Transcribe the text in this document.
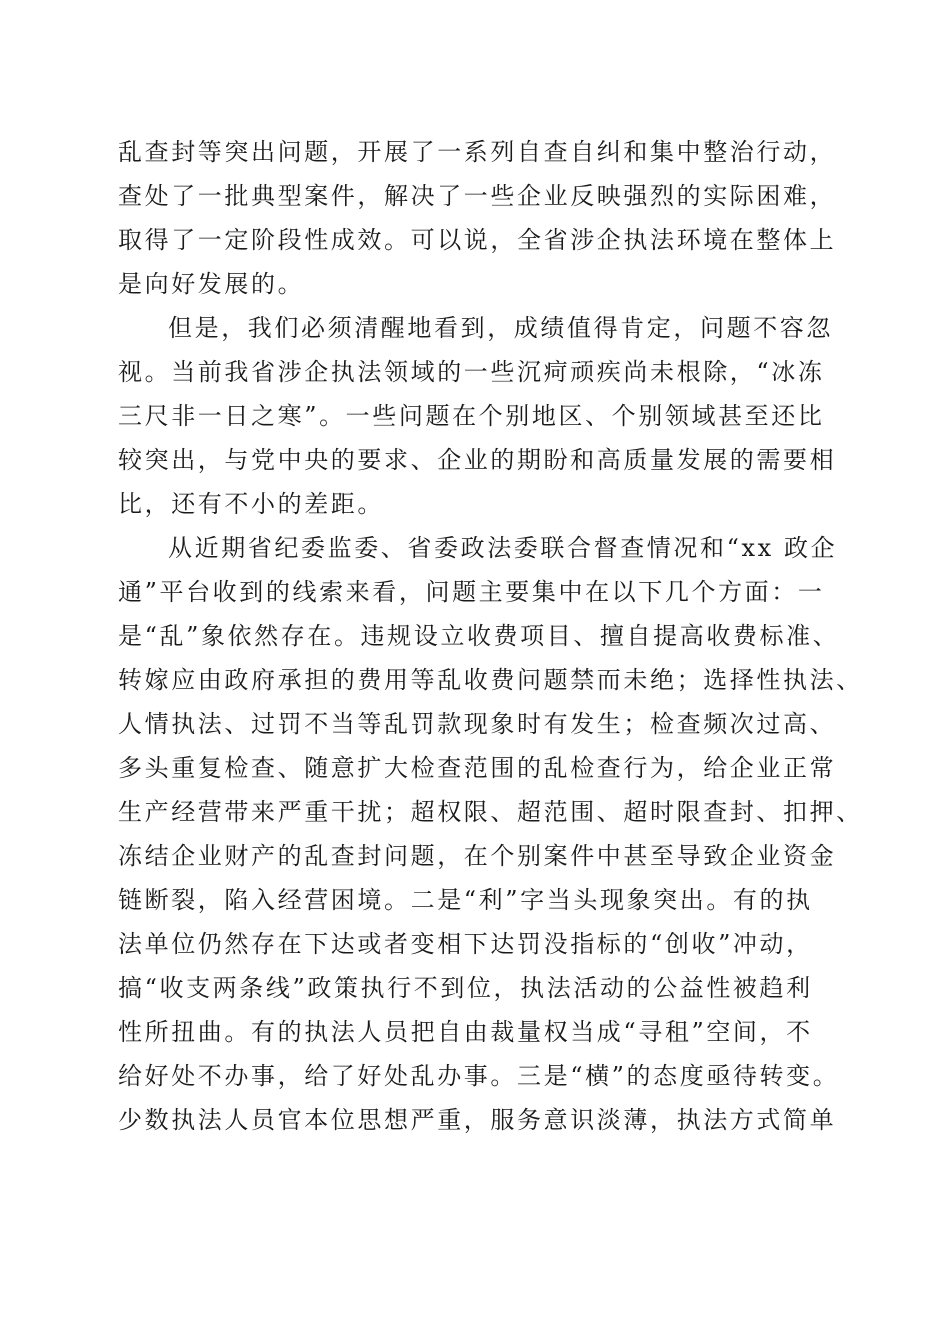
乱查封等突出问题，开展了一系列自查自纠和集中整治行动，
查处了一批典型案件，解决了一些企业反映强烈的实际困难，
取得了一定阶段性成效。可以说，全省涉企执法环境在整体上
是向好发展的。
但是，我们必须清醒地看到，成绩值得肯定，问题不容忽
视。当前我省涉企执法领域的一些沉疴顽疾尚未根除，“冰冻
三尺非一日之寒”。一些问题在个别地区、个别领域甚至还比
较突出，与党中央的要求、企业的期盼和高质量发展的需要相
比，还有不小的差距。
从近期省纪委监委、省委政法委联合督查情况和“xx 政企
通”平台收到的线索来看，问题主要集中在以下几个方面：一
是“乱”象依然存在。违规设立收费项目、擅自提高收费标准、
转嫁应由政府承担的费用等乱收费问题禁而未绝；选择性执法、
人情执法、过罚不当等乱罚款现象时有发生；检查频次过高、
多头重复检查、随意扩大检查范围的乱检查行为，给企业正常
生产经营带来严重干扰；超权限、超范围、超时限查封、扣押、
冻结企业财产的乱查封问题，在个别案件中甚至导致企业资金
链断裂，陷入经营困境。二是“利”字当头现象突出。有的执
法单位仍然存在下达或者变相下达罚没指标的“创收”冲动，
搞“收支两条线”政策执行不到位，执法活动的公益性被趋利
性所扭曲。有的执法人员把自由裁量权当成“寻租”空间，不
给好处不办事，给了好处乱办事。三是“横”的态度亟待转变。
少数执法人员官本位思想严重，服务意识淡薄，执法方式简单
